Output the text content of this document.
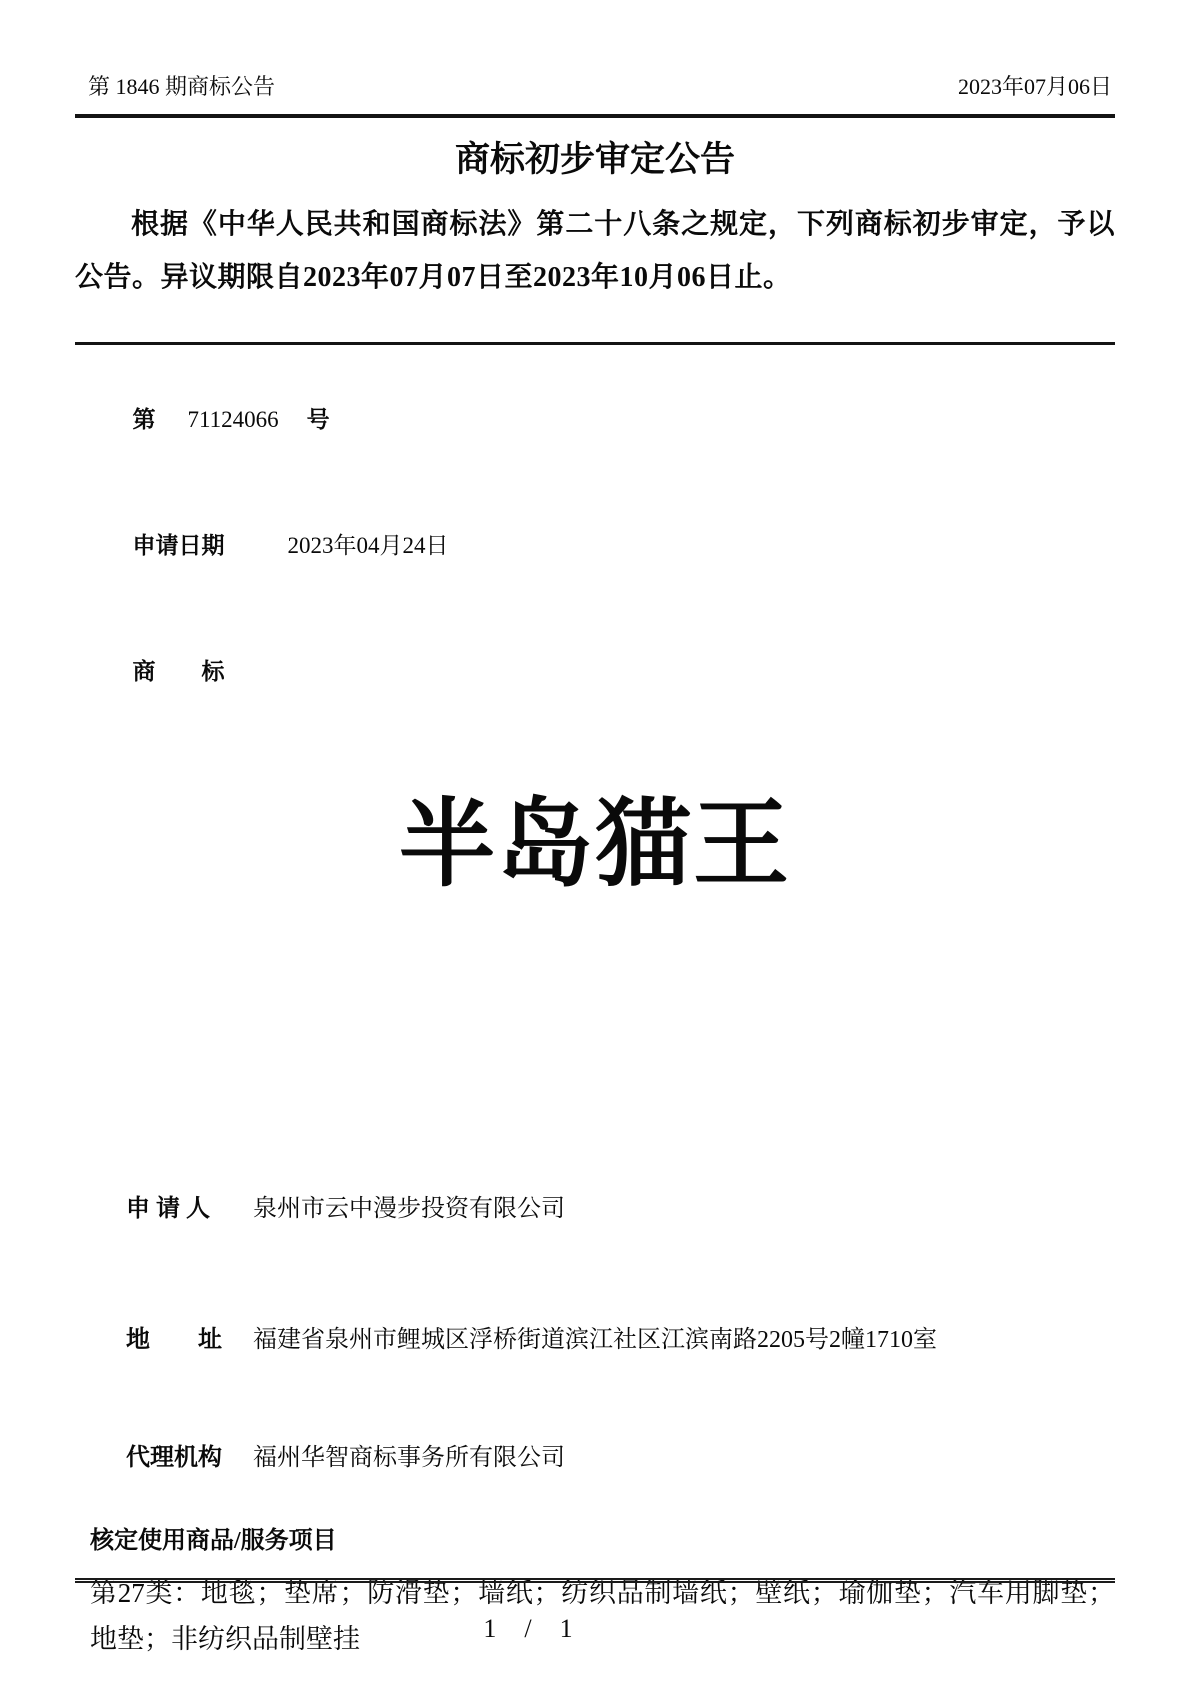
第 1846 期商标公告	2023年07月06日
商标初步审定公告
根据《中华人民共和国商标法》第二十八条之规定，下列商标初步审定，予以公告。异议期限自2023年07月07日至2023年10月06日止。

第 71124066 号

申请日期	2023年04月24日

商　　标

半岛猫王

申 请 人 泉州市云中漫步投资有限公司

地　　址 福建省泉州市鲤城区浮桥街道滨江社区江滨南路2205号2幢1710室

代理机构 福州华智商标事务所有限公司

核定使用商品/服务项目
第27类：地毯；垫席；防滑垫；墙纸；纺织品制墙纸；壁纸；瑜伽垫；汽车用脚垫；地垫；非纺织品制壁挂	1 / 1
